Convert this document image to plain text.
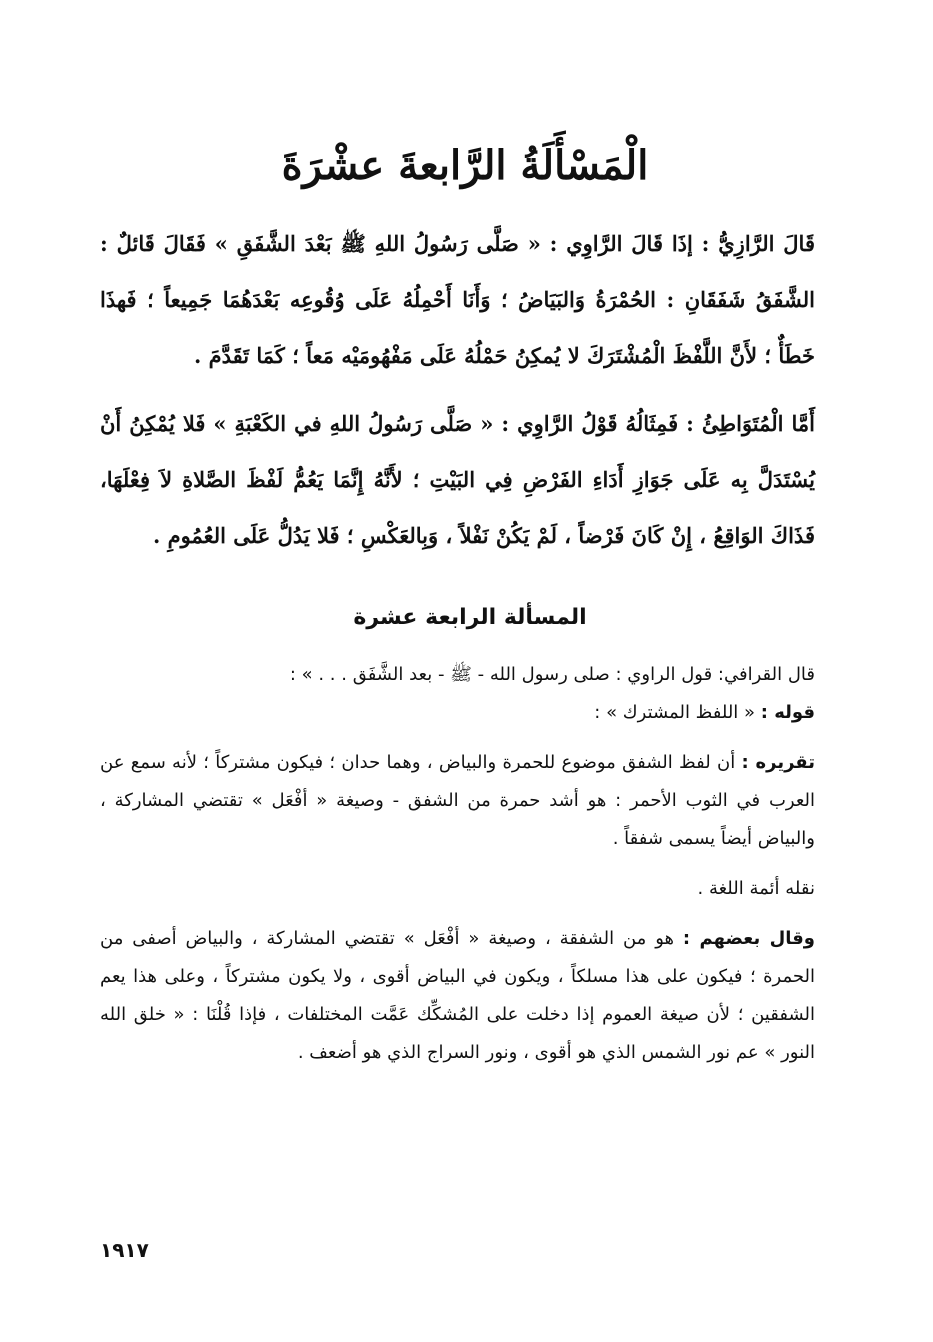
الْمَسْأَلَةُ الرَّابعةَ عشْرَةَ

قَالَ الرَّازِيُّ : إذَا قَالَ الرَّاوِي : « صَلَّى رَسُولُ اللهِ ﷺ بَعْدَ الشَّفَقِ » فَقَالَ قَائلٌ : الشَّفَقُ شَفَقَانِ : الحُمْرَةُ وَالبَيَاضُ ؛ وَأَنَا أَحْمِلُهُ عَلَى وُقُوعِه بَعْدَهُمَا جَمِيعاً ؛ فَهذَا خَطَأٌ ؛ لأَنَّ اللَّفْظَ الْمُشْتَرَكَ لا يُمكِنُ حَمْلُهُ عَلَى مَفْهُومَيْه مَعاً ؛ كَمَا تَقَدَّمَ .

أَمَّا الْمُتَوَاطِئُ : فَمِثَالُهُ قَوْلُ الرَّاوِي : « صَلَّى رَسُولُ اللهِ في الكَعْبَةِ » فَلا يُمْكِنُ أَنْ يُسْتَدَلَّ بِه عَلَى جَوَازِ أَدَاءِ الفَرْضِ فِي البَيْتِ ؛ لأَنَّهُ إِنَّمَا يَعُمُّ لَفْظَ الصَّلاةِ لاَ فِعْلَهَا، فَذَاكَ الوَاقِعُ ، إِنْ كَانَ فَرْضاً ، لَمْ يَكُنْ نَفْلاً ، وَبِالعَكْسِ ؛ فَلا يَدُلُّ عَلَى العُمُومِ .

المسألة الرابعة عشرة

قال القرافي: قول الراوي : صلى رسول الله - ﷺ - بعد الشَّفَق . . . » :

قوله : « اللفظ المشترك » :

تقريره : أن لفظ الشفق موضوع للحمرة والبياض ، وهما حدان ؛ فيكون مشتركاً ؛ لأنه سمع عن العرب في الثوب الأحمر : هو أشد حمرة من الشفق - وصيغة « أفْعَل » تقتضي المشاركة ، والبياض أيضاً يسمى شفقاً .

نقله أئمة اللغة .

وقال بعضهم : هو من الشفقة ، وصيغة « أفْعَل » تقتضي المشاركة ، والبياض أصفى من الحمرة ؛ فيكون على هذا مسلكاً ، ويكون في البياض أقوى ، ولا يكون مشتركاً ، وعلى هذا يعم الشفقين ؛ لأن صيغة العموم إذا دخلت على المُشكِّك عَمَّت المختلفات ، فإذا قُلْنَا : « خلق الله النور » عم نور الشمس الذي هو أقوى ، ونور السراج الذي هو أضعف .

١٩١٧
